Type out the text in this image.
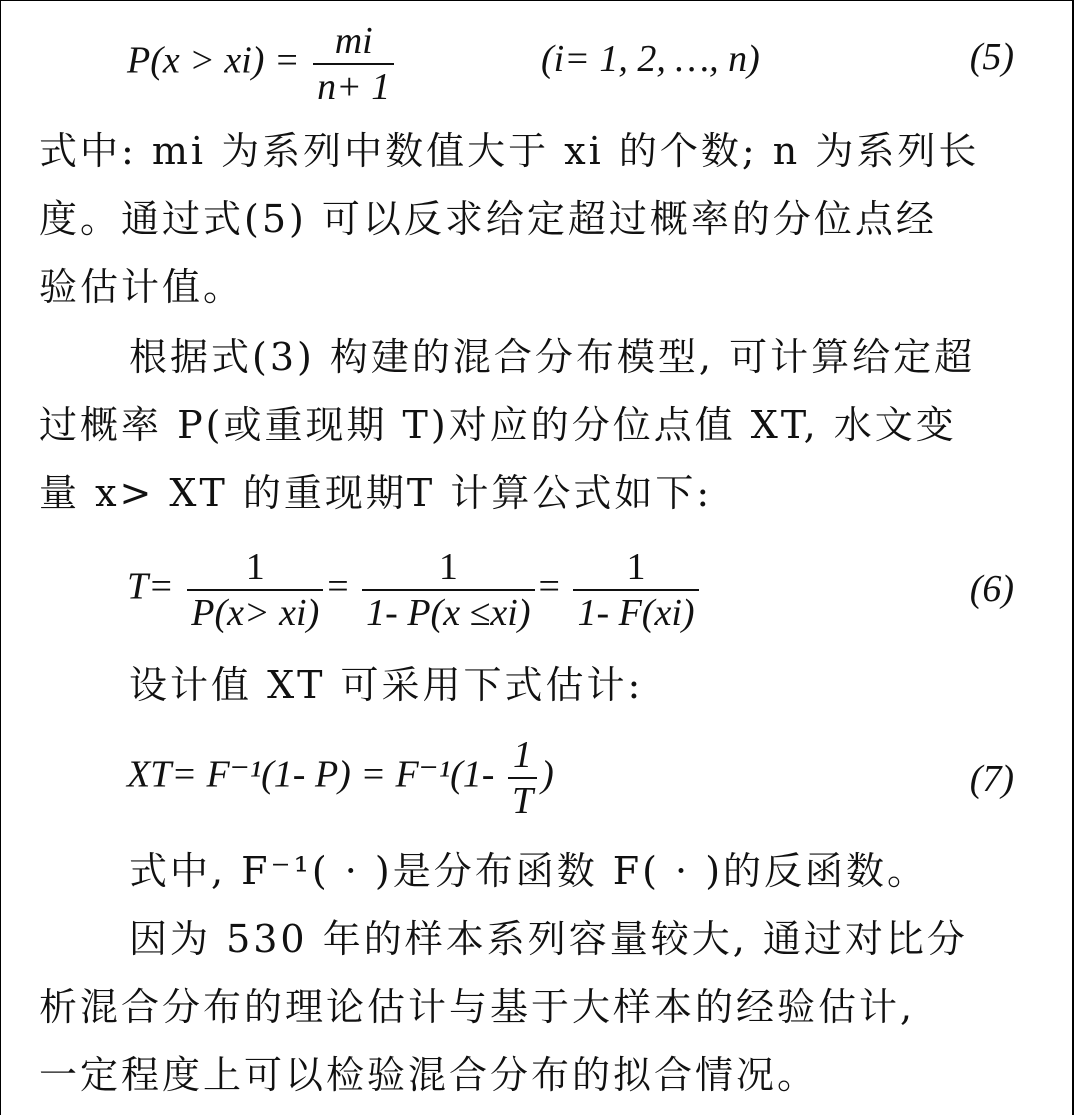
$P(x > xi) = \frac{mi}{n+ 1}$	(i= 1, 2, …, n)	(5)
式中: mi 为系列中数值大于 xi 的个数; n 为系列长
度。通过式(5) 可以反求给定超过概率的分位点经
验估计值。
根据式(3) 构建的混合分布模型, 可计算给定超
过概率 P(或重现期 T)对应的分位点值 XT, 水文变
量 x> XT 的重现期T 计算公式如下:
$T= \frac{1}{P(x> xi)} = \frac{1}{1- P(x \le xi)} = \frac{1}{1- F(xi)}$	(6)
设计值 XT 可采用下式估计:
XT= F⁻¹(1- $P) = F^{-1}(1- \frac{1}{T}$ )	(7)
式中, F⁻¹( · )是分布函数 F( · )的反函数。
因为 530 年的样本系列容量较大, 通过对比分
析混合分布的理论估计与基于大样本的经验估计,
一定程度上可以检验混合分布的拟合情况。
